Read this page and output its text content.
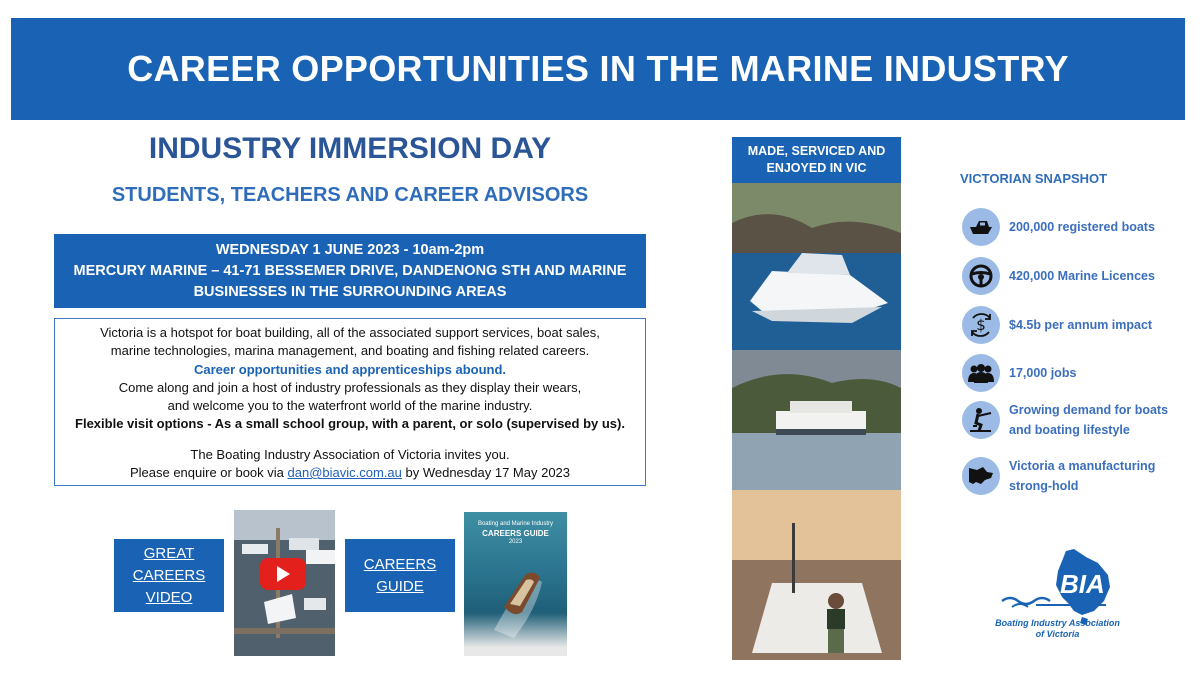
CAREER OPPORTUNITIES IN THE MARINE INDUSTRY
INDUSTRY IMMERSION DAY
STUDENTS, TEACHERS AND CAREER ADVISORS
WEDNESDAY 1 JUNE 2023 - 10am-2pm
MERCURY MARINE – 41-71 BESSEMER DRIVE, DANDENONG STH AND MARINE
BUSINESSES IN THE SURROUNDING AREAS

Victoria is a hotspot for boat building, all of the associated support services, boat sales,

marine technologies, marina management, and boating and fishing related careers.

Career opportunities and apprenticeships abound.

Come along and join a host of industry professionals as they display their wears,

and welcome you to the waterfront world of the marine industry.

Flexible visit options - As a small school group, with a parent, or solo (supervised by us).

The Boating Industry Association of Victoria invites you.

Please enquire or book via dan@biavic.com.au by Wednesday 17 May 2023

GREAT
CAREERS
VIDEO
CAREERS
GUIDE
Boating and Marine Industry
CAREERS GUIDE
2023
MADE, SERVICED AND
ENJOYED IN VIC
VICTORIAN SNAPSHOT
200,000 registered boats
420,000 Marine Licences
$ $4.5b per annum impact
17,000 jobs
Growing demand for boats and boating lifestyle
Victoria a manufacturing strong-hold
BIA
Boating Industry Association
of Victoria
